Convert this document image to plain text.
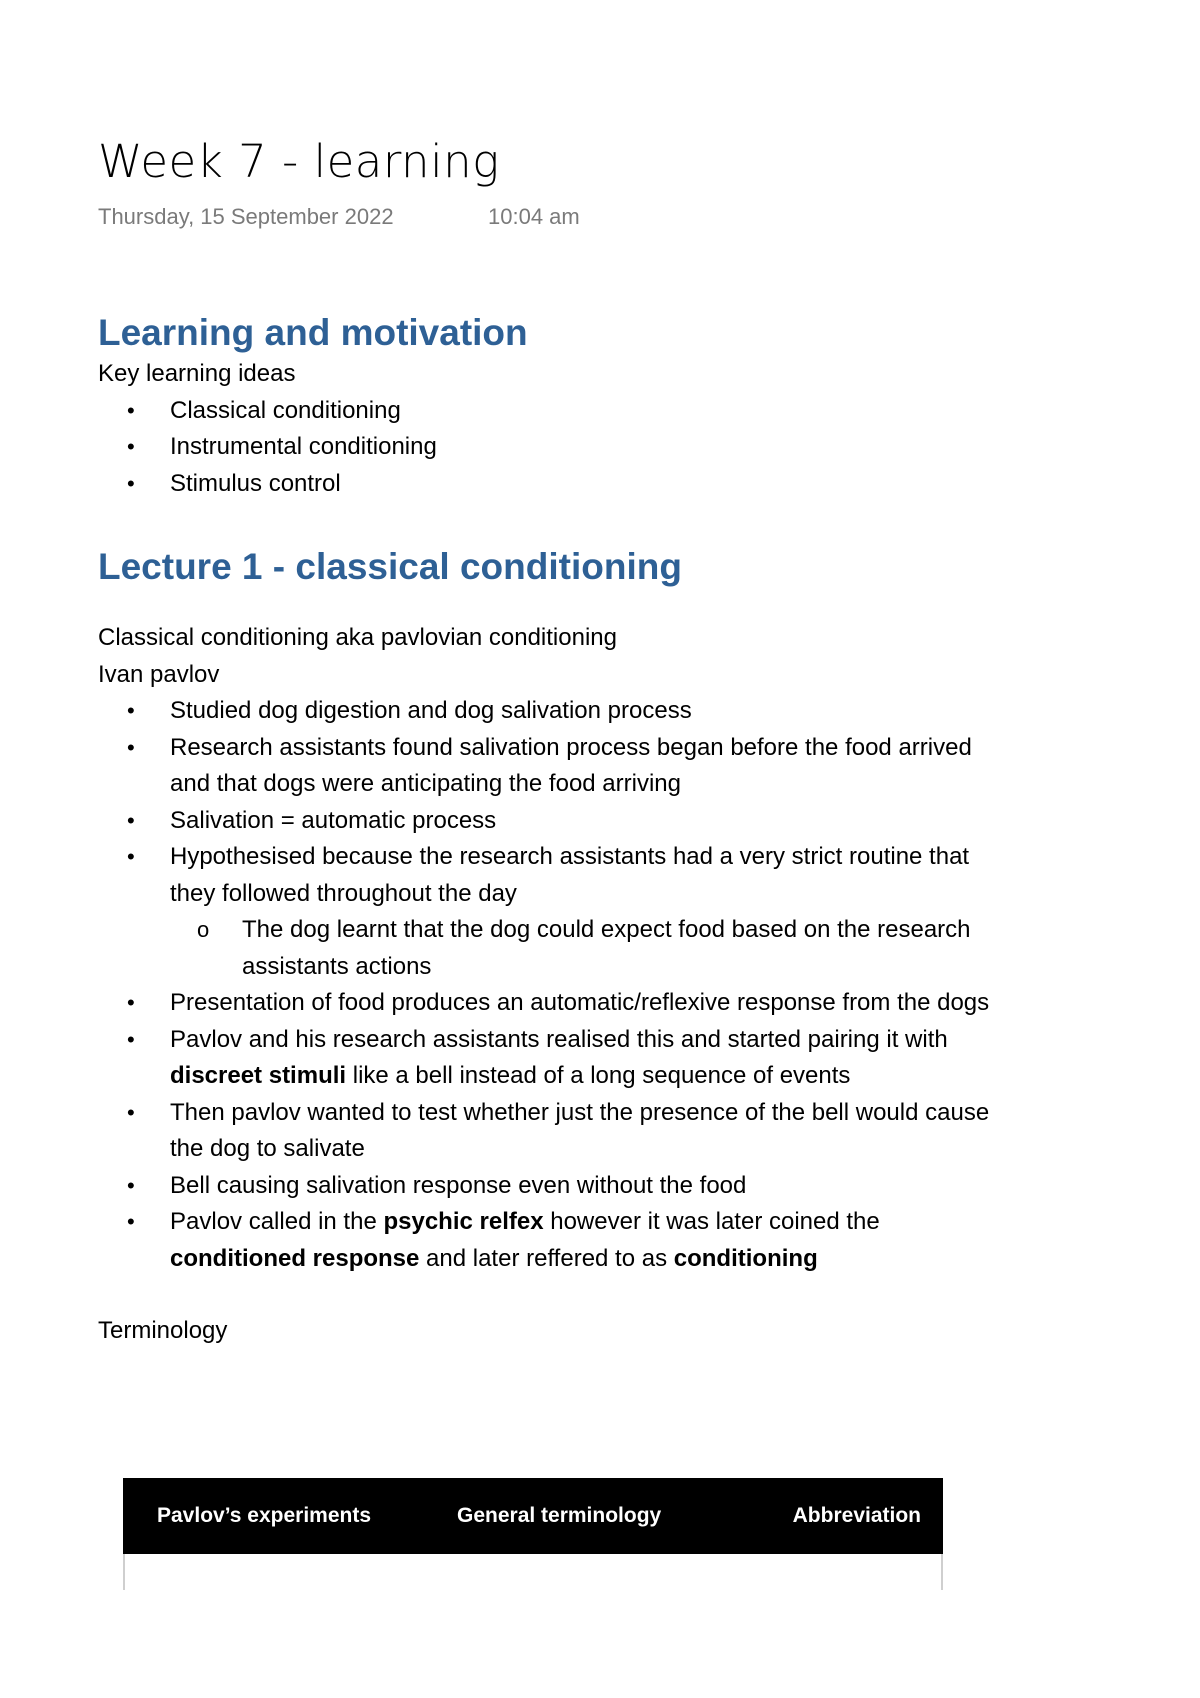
Week 7 - learning
Thursday, 15 September 2022	10:04 am
Learning and motivation

Key learning ideas

• Classical conditioning
• Instrumental conditioning
• Stimulus control
Lecture 1 - classical conditioning

Classical conditioning aka pavlovian conditioning

Ivan pavlov

• Studied dog digestion and dog salivation process
• Research assistants found salivation process began before the food arrived and that dogs were anticipating the food arriving
• Salivation = automatic process
• Hypothesised because the research assistants had a very strict routine that they followed throughout the day
o The dog learnt that the dog could expect food based on the research assistants actions
• Presentation of food produces an automatic/reflexive response from the dogs
• Pavlov and his research assistants realised this and started pairing it with discreet stimuli like a bell instead of a long sequence of events
• Then pavlov wanted to test whether just the presence of the bell would cause the dog to salivate
• Bell causing salivation response even without the food
• Pavlov called in the psychic relfex however it was later coined the conditioned response and later reffered to as conditioning

Terminology

Pavlov’s experiments	General terminology	Abbreviation
